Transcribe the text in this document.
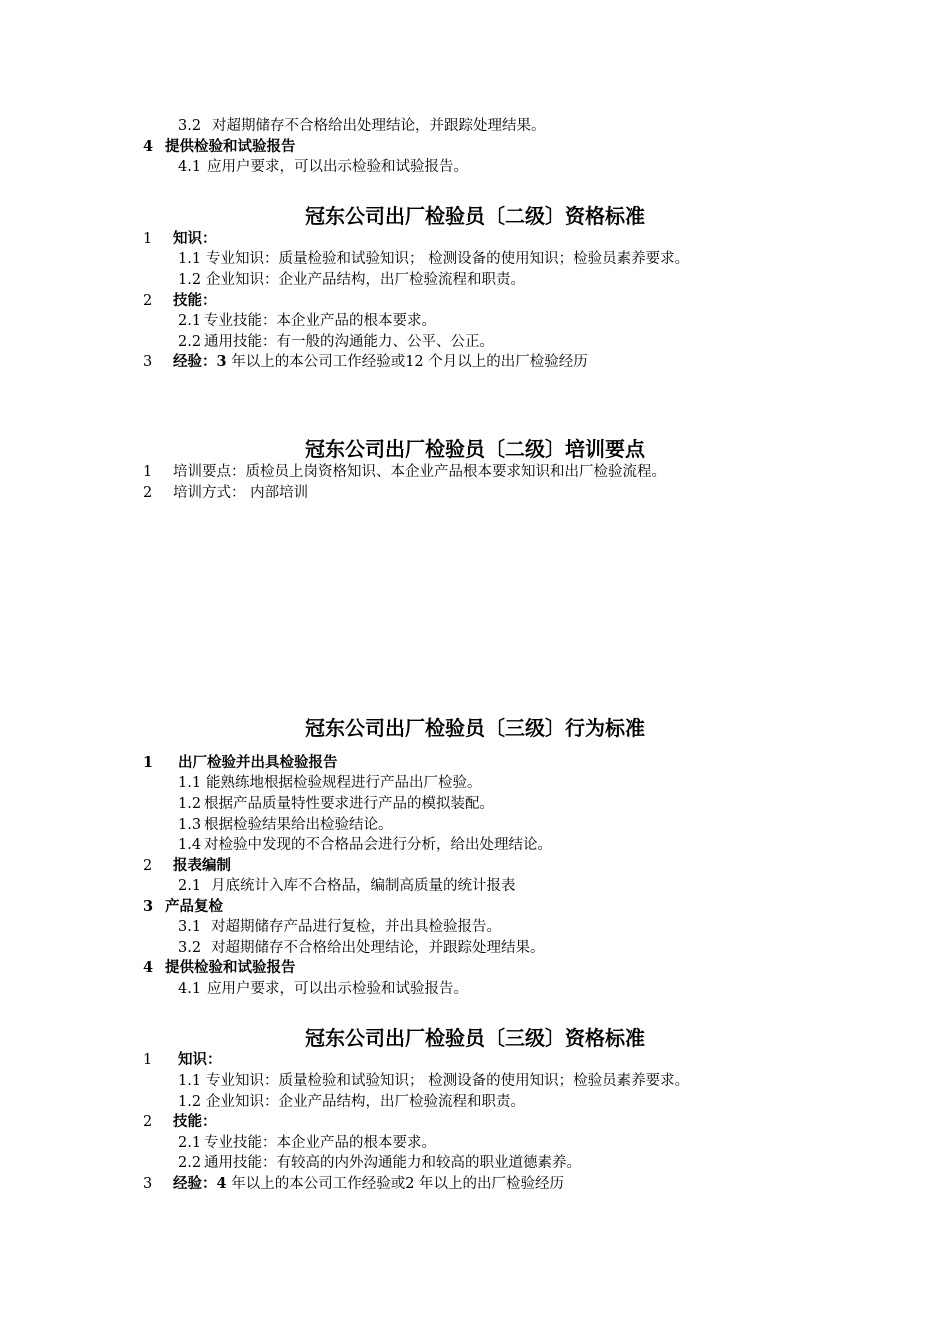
3.2 对超期储存不合格给出处理结论，并跟踪处理结果。
4 提供检验和试验报告
4.1 应用户要求，可以出示检验和试验报告。
冠东公司出厂检验员〔二级〕资格标准
1 知识：
1.1 专业知识：质量检验和试验知识； 检测设备的使用知识；检验员素养要求。
1.2 企业知识：企业产品结构，出厂检验流程和职责。
2 技能：
2.1 专业技能：本企业产品的根本要求。
2.2 通用技能：有一般的沟通能力、公平、公正。
3 经验：3 年以上的本公司工作经验或12 个月以上的出厂检验经历
冠东公司出厂检验员〔二级〕培训要点
1 培训要点：质检员上岗资格知识、本企业产品根本要求知识和出厂检验流程。
2 培训方式： 内部培训
冠东公司出厂检验员〔三级〕行为标准
1 出厂检验并出具检验报告
1.1 能熟练地根据检验规程进行产品出厂检验。
1.2 根据产品质量特性要求进行产品的模拟装配。
1.3 根据检验结果给出检验结论。
1.4 对检验中发现的不合格品会进行分析，给出处理结论。
2 报表编制
2.1 月底统计入库不合格品，编制高质量的统计报表
3 产品复检
3.1 对超期储存产品进行复检，并出具检验报告。
3.2 对超期储存不合格给出处理结论，并跟踪处理结果。
4 提供检验和试验报告
4.1 应用户要求，可以出示检验和试验报告。
冠东公司出厂检验员〔三级〕资格标准
1 知识：
1.1 专业知识：质量检验和试验知识； 检测设备的使用知识；检验员素养要求。
1.2 企业知识：企业产品结构，出厂检验流程和职责。
2 技能：
2.1 专业技能：本企业产品的根本要求。
2.2 通用技能：有较高的内外沟通能力和较高的职业道德素养。
3 经验：4 年以上的本公司工作经验或2 年以上的出厂检验经历
